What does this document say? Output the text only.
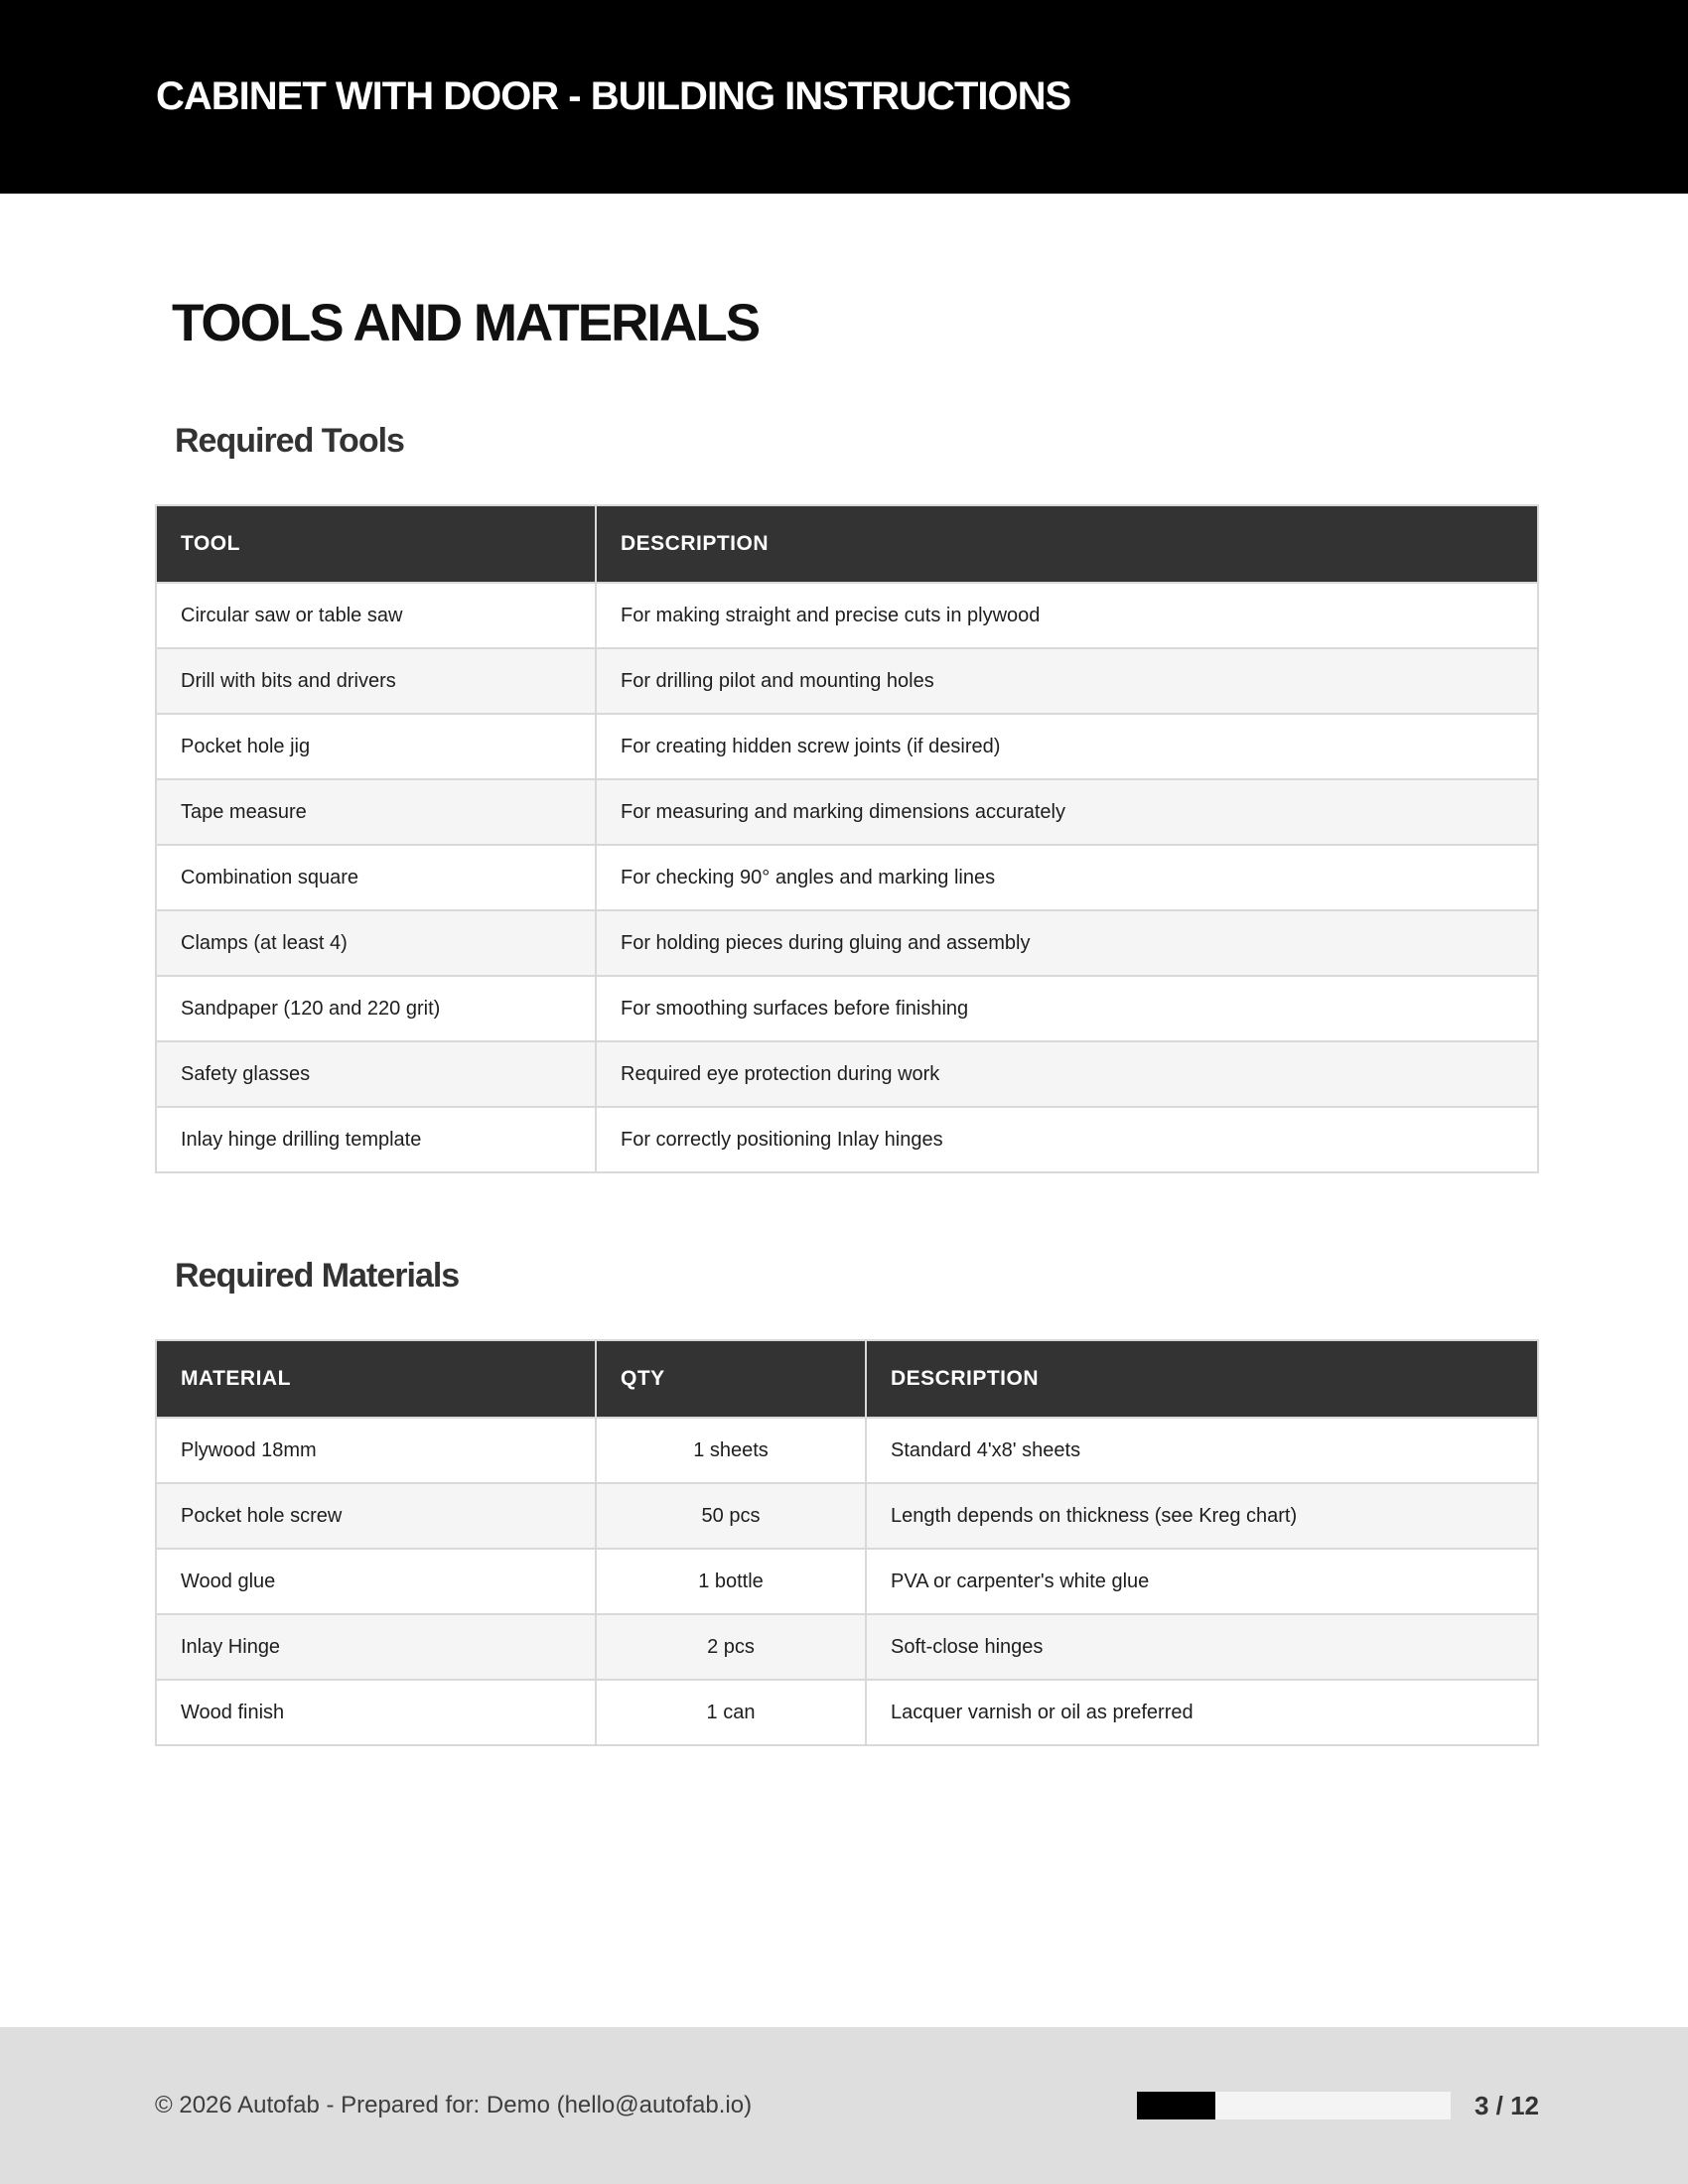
CABINET WITH DOOR - BUILDING INSTRUCTIONS
TOOLS AND MATERIALS
Required Tools
TOOL	DESCRIPTION
Circular saw or table saw	For making straight and precise cuts in plywood
Drill with bits and drivers	For drilling pilot and mounting holes
Pocket hole jig	For creating hidden screw joints (if desired)
Tape measure	For measuring and marking dimensions accurately
Combination square	For checking 90° angles and marking lines
Clamps (at least 4)	For holding pieces during gluing and assembly
Sandpaper (120 and 220 grit)	For smoothing surfaces before finishing
Safety glasses	Required eye protection during work
Inlay hinge drilling template	For correctly positioning Inlay hinges
Required Materials
MATERIAL	QTY	DESCRIPTION
Plywood 18mm	1 sheets	Standard 4'x8' sheets
Pocket hole screw	50 pcs	Length depends on thickness (see Kreg chart)
Wood glue	1 bottle	PVA or carpenter's white glue
Inlay Hinge	2 pcs	Soft-close hinges
Wood finish	1 can	Lacquer varnish or oil as preferred
© 2026 Autofab - Prepared for: Demo (hello@autofab.io)	3 / 12
